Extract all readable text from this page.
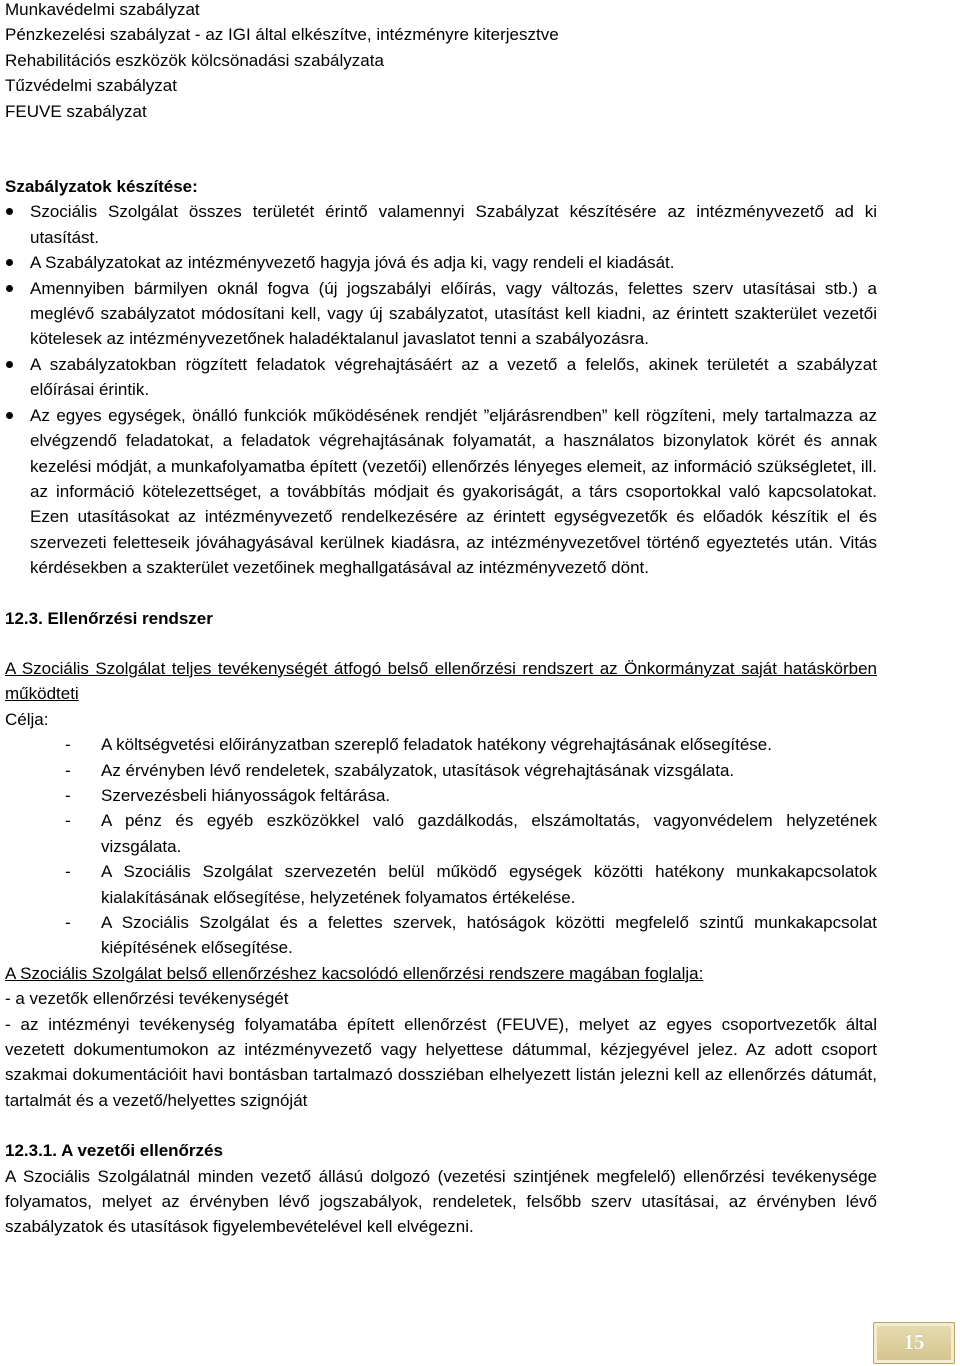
Munkavédelmi szabályzat

Pénzkezelési szabályzat - az IGI által elkészítve, intézményre kiterjesztve

Rehabilitációs eszközök kölcsönadási szabályzata

Tűzvédelmi szabályzat

FEUVE szabályzat

Szabályzatok készítése:

Szociális Szolgálat összes területét érintő valamennyi Szabályzat készítésére az intézményvezető ad ki utasítást.
A Szabályzatokat az intézményvezető hagyja jóvá és adja ki, vagy rendeli el kiadását.
Amennyiben bármilyen oknál fogva (új jogszabályi előírás, vagy változás, felettes szerv utasításai stb.) a meglévő szabályzatot módosítani kell, vagy új szabályzatot, utasítást kell kiadni, az érintett szakterület vezetői kötelesek az intézményvezetőnek haladéktalanul javaslatot tenni a szabályozásra.
A szabályzatokban rögzített feladatok végrehajtásáért az a vezető a felelős, akinek területét a szabályzat előírásai érintik.
Az egyes egységek, önálló funkciók működésének rendjét ”eljárásrendben” kell rögzíteni, mely tartalmazza az elvégzendő feladatokat, a feladatok végrehajtásának folyamatát, a használatos bizonylatok körét és annak kezelési módját, a munkafolyamatba épített (vezetői) ellenőrzés lényeges elemeit, az információ szükségletet, ill. az információ kötelezettséget, a továbbítás módjait és gyakoriságát, a társ csoportokkal való kapcsolatokat. Ezen utasításokat az intézményvezető rendelkezésére az érintett egységvezetők és előadók készítik el és szervezeti feletteseik jóváhagyásával kerülnek kiadásra, az intézményvezetővel történő egyeztetés után. Vitás kérdésekben a szakterület vezetőinek meghallgatásával az intézményvezető dönt.

12.3. Ellenőrzési rendszer

A Szociális Szolgálat teljes tevékenységét átfogó belső ellenőrzési rendszert az Önkormányzat saját hatáskörben működteti

Célja:

- A költségvetési előirányzatban szereplő feladatok hatékony végrehajtásának elősegítése.
- Az érvényben lévő rendeletek, szabályzatok, utasítások végrehajtásának vizsgálata.
- Szervezésbeli hiányosságok feltárása.
- A pénz és egyéb eszközökkel való gazdálkodás, elszámoltatás, vagyonvédelem helyzetének vizsgálata.
- A Szociális Szolgálat szervezetén belül működő egységek közötti hatékony munkakapcsolatok kialakításának elősegítése, helyzetének folyamatos értékelése.
- A Szociális Szolgálat és a felettes szervek, hatóságok közötti megfelelő szintű munkakapcsolat kiépítésének elősegítése.

A Szociális Szolgálat belső ellenőrzéshez kacsolódó ellenőrzési rendszere magában foglalja:

- a vezetők ellenőrzési tevékenységét

- az intézményi tevékenység folyamatába épített ellenőrzést (FEUVE), melyet az egyes csoportvezetők által vezetett dokumentumokon az intézményvezető vagy helyettese dátummal, kézjegyével jelez. Az adott csoport szakmai dokumentációit havi bontásban tartalmazó dossziéban elhelyezett listán jelezni kell az ellenőrzés dátumát, tartalmát és a vezető/helyettes szignóját

12.3.1. A vezetői ellenőrzés

A Szociális Szolgálatnál minden vezető állású dolgozó (vezetési szintjének megfelelő) ellenőrzési tevékenysége folyamatos, melyet az érvényben lévő jogszabályok, rendeletek, felsőbb szerv utasításai, az érvényben lévő szabályzatok és utasítások figyelembevételével kell elvégezni.

15
